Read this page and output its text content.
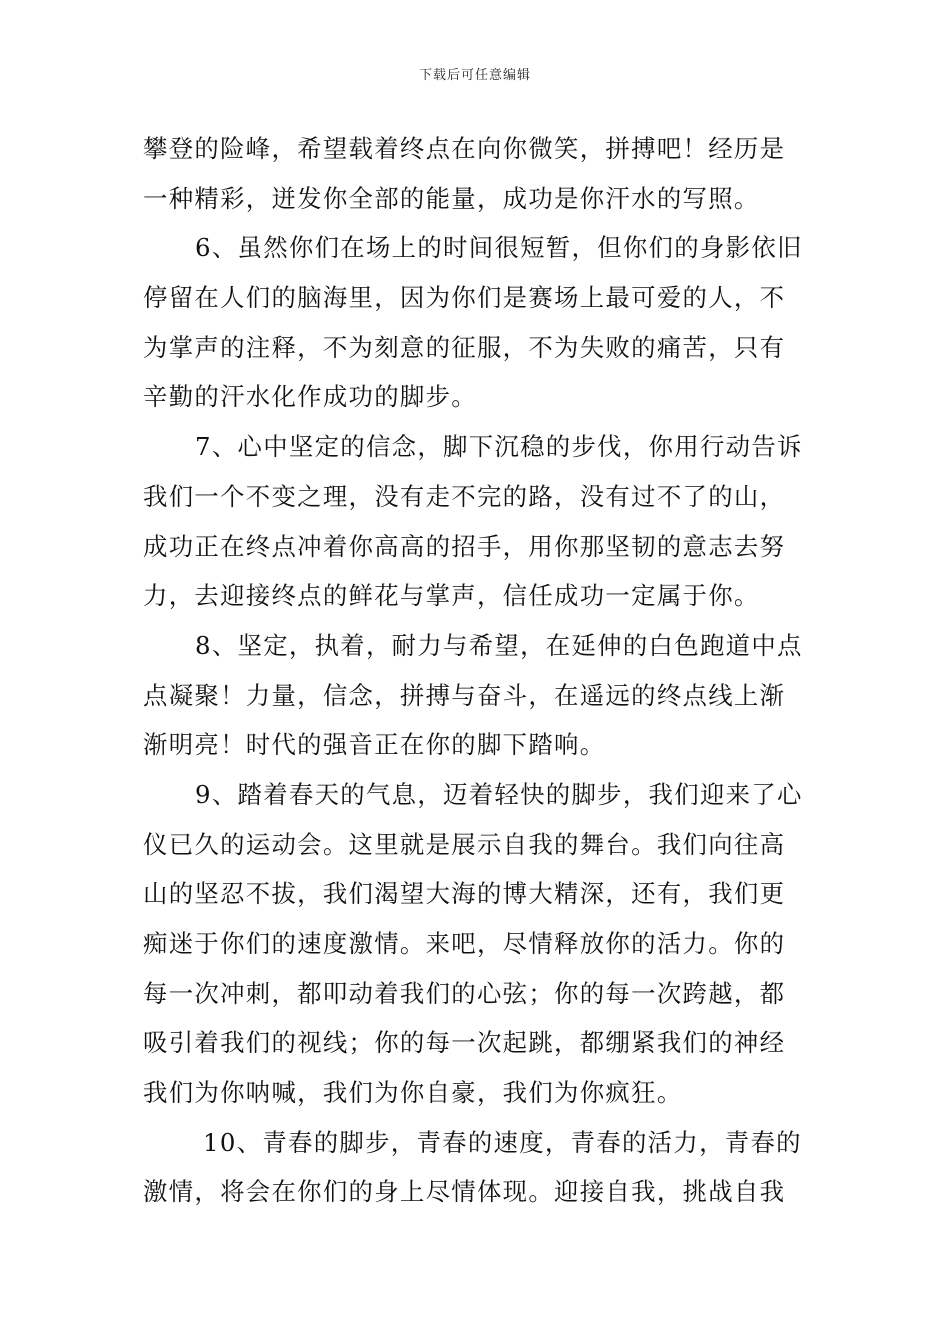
下载后可任意编辑
攀登的险峰，希望载着终点在向你微笑，拼搏吧！经历是
一种精彩，迸发你全部的能量，成功是你汗水的写照。
6、虽然你们在场上的时间很短暂，但你们的身影依旧
停留在人们的脑海里，因为你们是赛场上最可爱的人，不
为掌声的注释，不为刻意的征服，不为失败的痛苦，只有
辛勤的汗水化作成功的脚步。
7、心中坚定的信念，脚下沉稳的步伐，你用行动告诉
我们一个不变之理，没有走不完的路，没有过不了的山，
成功正在终点冲着你高高的招手，用你那坚韧的意志去努
力，去迎接终点的鲜花与掌声，信任成功一定属于你。
8、坚定，执着，耐力与希望，在延伸的白色跑道中点
点凝聚！力量，信念，拼搏与奋斗，在遥远的终点线上渐
渐明亮！时代的强音正在你的脚下踏响。
9、踏着春天的气息，迈着轻快的脚步，我们迎来了心
仪已久的运动会。这里就是展示自我的舞台。我们向往高
山的坚忍不拔，我们渴望大海的博大精深，还有，我们更
痴迷于你们的速度激情。来吧，尽情释放你的活力。你的
每一次冲刺，都叩动着我们的心弦；你的每一次跨越，都
吸引着我们的视线；你的每一次起跳，都绷紧我们的神经
我们为你呐喊，我们为你自豪，我们为你疯狂。
10、青春的脚步，青春的速度，青春的活力，青春的
激情，将会在你们的身上尽情体现。迎接自我，挑战自我
